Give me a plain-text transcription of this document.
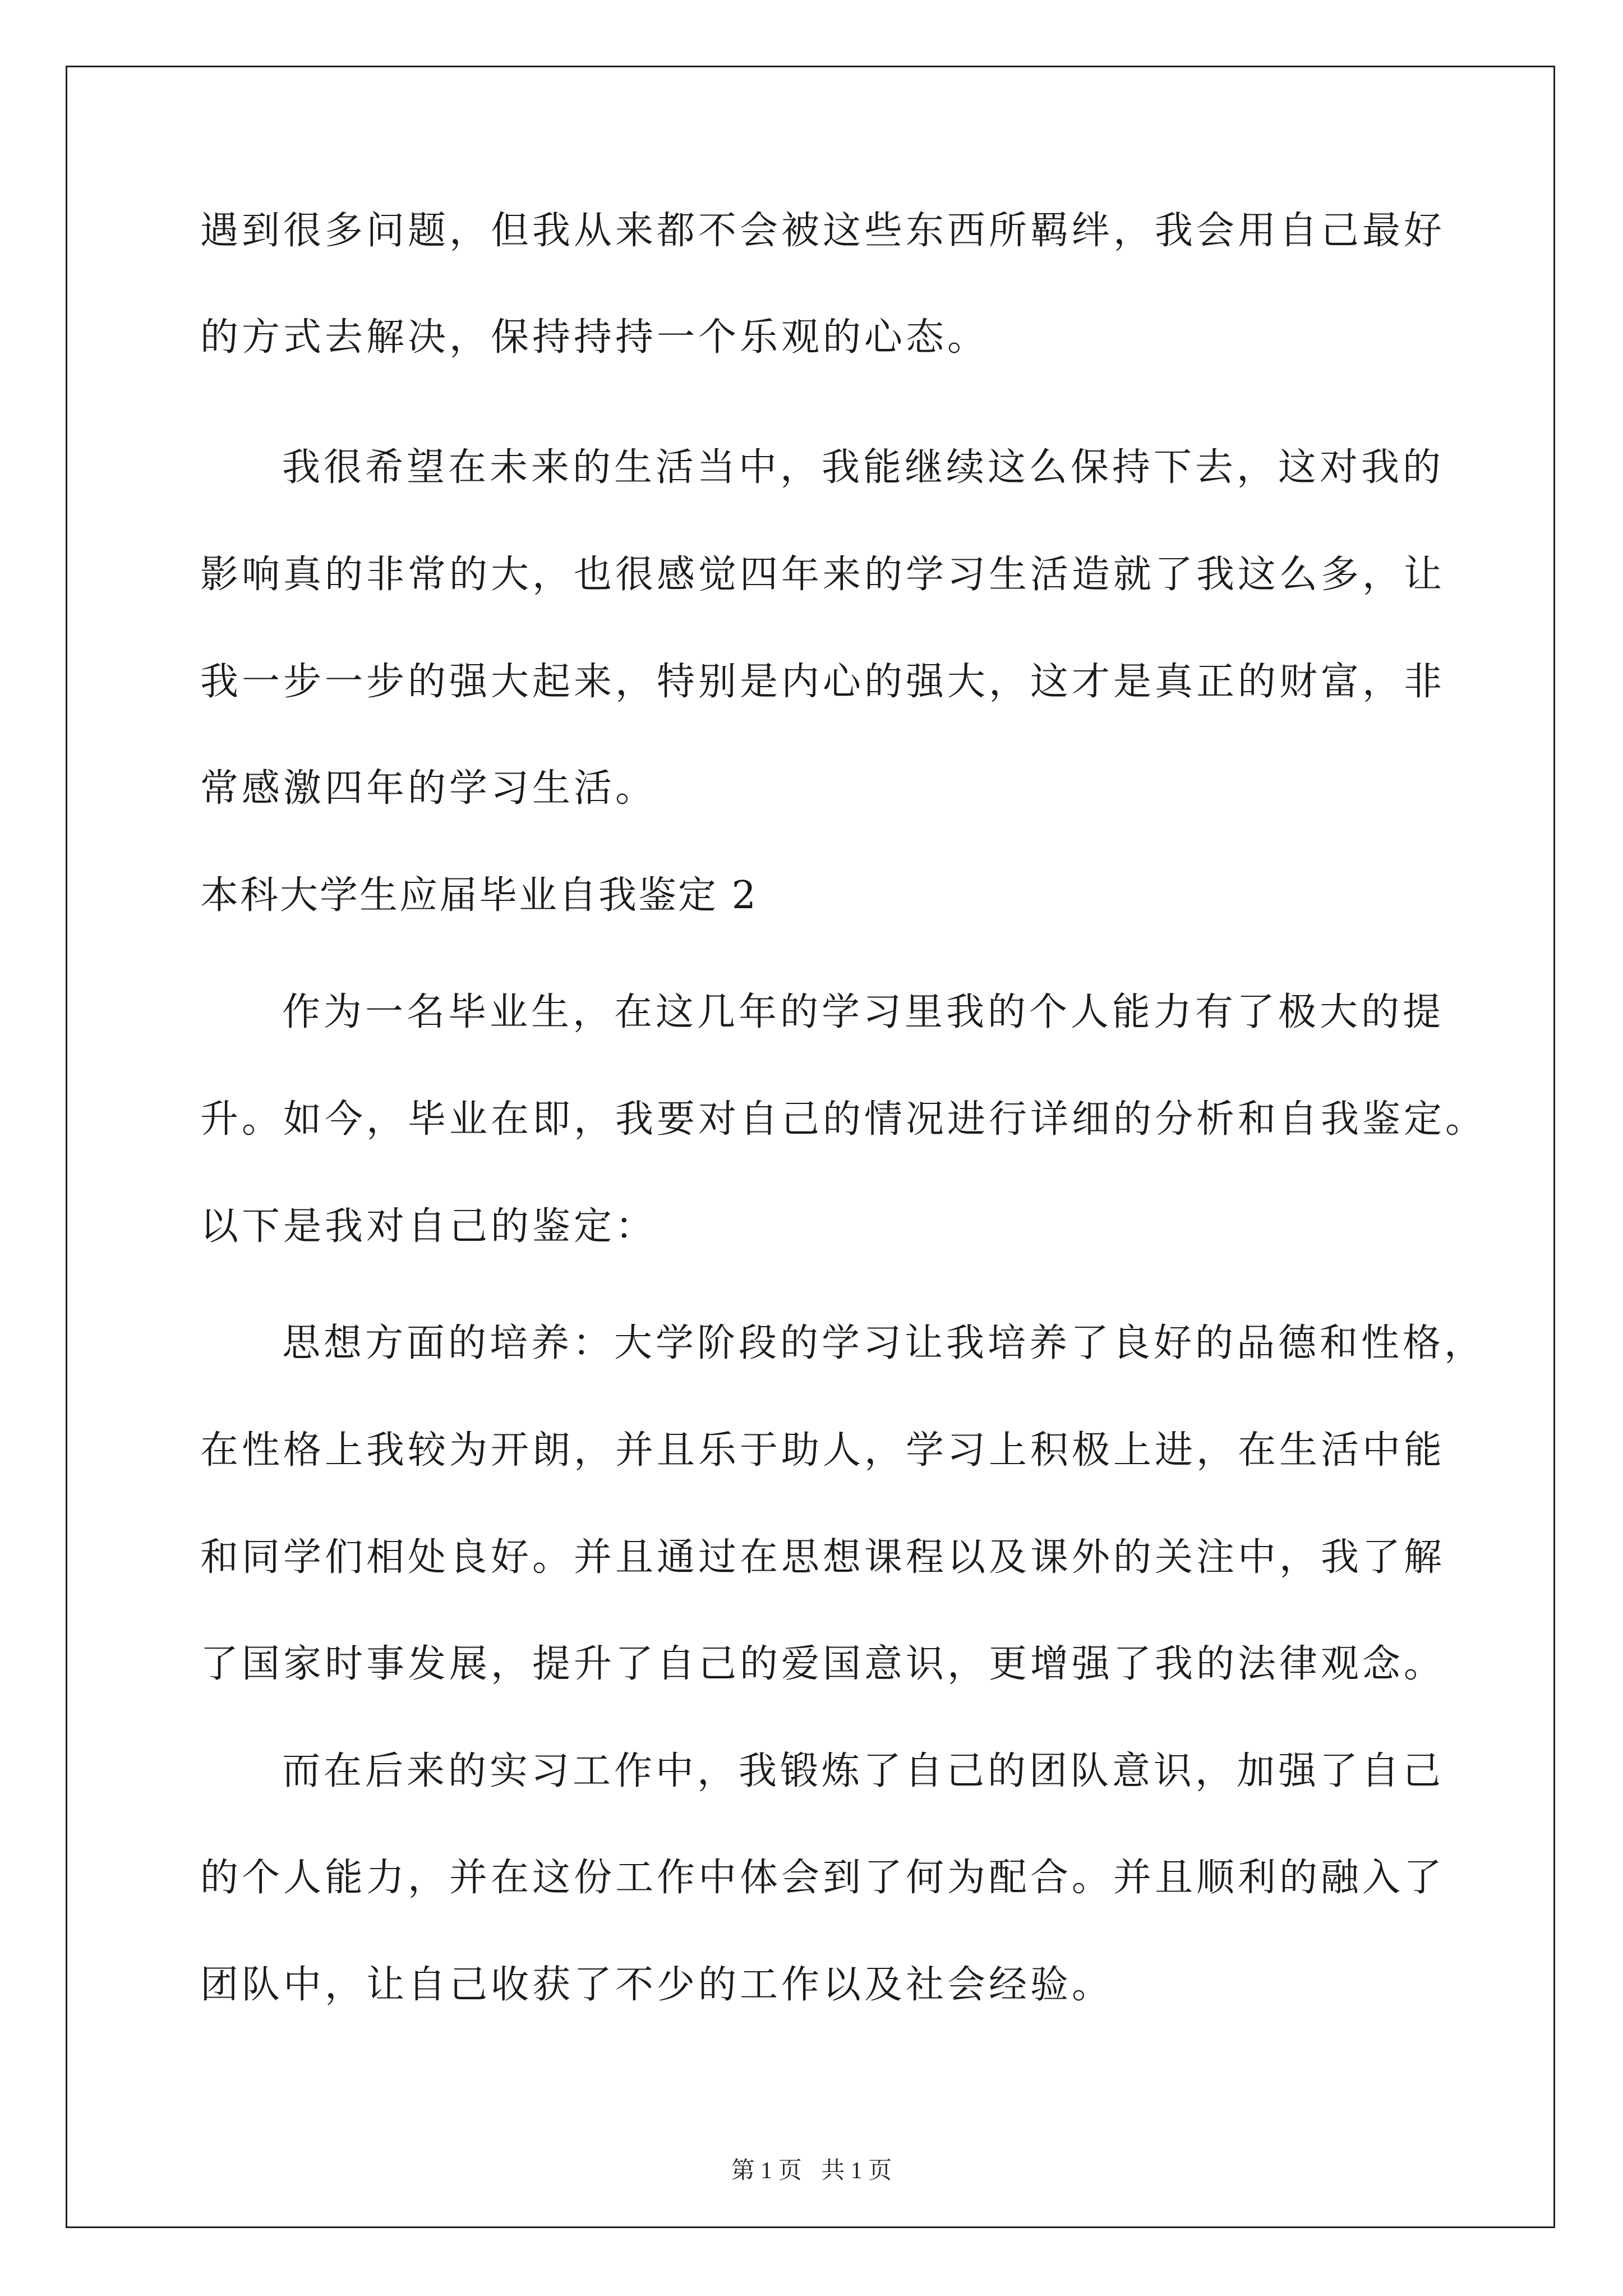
遇到很多问题，但我从来都不会被这些东西所羁绊，我会用自己最好
的方式去解决，保持持持一个乐观的心态。
我很希望在未来的生活当中，我能继续这么保持下去，这对我的
影响真的非常的大，也很感觉四年来的学习生活造就了我这么多，让
我一步一步的强大起来，特别是内心的强大，这才是真正的财富，非
常感激四年的学习生活。
本科大学生应届毕业自我鉴定 2
作为一名毕业生，在这几年的学习里我的个人能力有了极大的提
升。如今，毕业在即，我要对自己的情况进行详细的分析和自我鉴定。
以下是我对自己的鉴定：
思想方面的培养：大学阶段的学习让我培养了良好的品德和性格，
在性格上我较为开朗，并且乐于助人，学习上积极上进，在生活中能
和同学们相处良好。并且通过在思想课程以及课外的关注中，我了解
了国家时事发展，提升了自己的爱国意识，更增强了我的法律观念。
而在后来的实习工作中，我锻炼了自己的团队意识，加强了自己
的个人能力，并在这份工作中体会到了何为配合。并且顺利的融入了
团队中，让自己收获了不少的工作以及社会经验。
第 1 页 共 1 页
